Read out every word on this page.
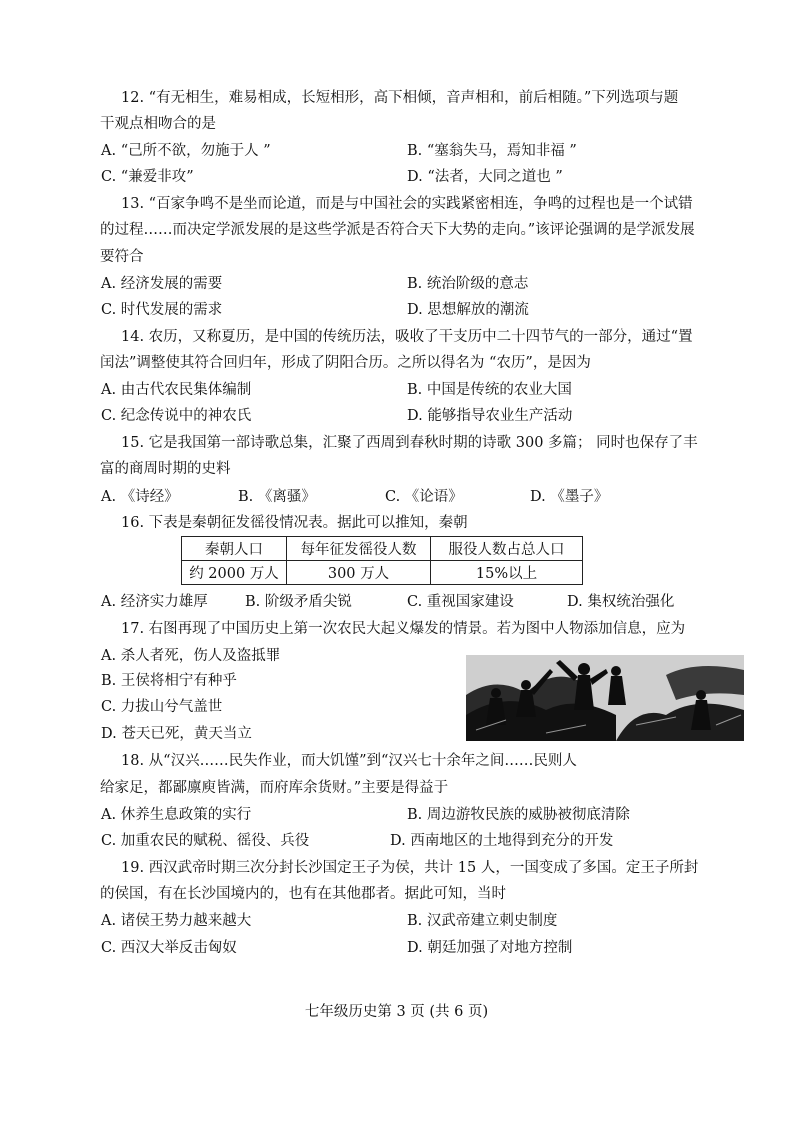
12. “有无相生，难易相成，长短相形，高下相倾，音声相和，前后相随。”下列选项与题
干观点相吻合的是
A. “己所不欲，勿施于人 ”	B. “塞翁失马，焉知非福 ”
C. “兼爱非攻”	D. “法者，大同之道也 ”
13. “百家争鸣不是坐而论道，而是与中国社会的实践紧密相连，争鸣的过程也是一个试错
的过程……而决定学派发展的是这些学派是否符合天下大势的走向。”该评论强调的是学派发展
要符合
A. 经济发展的需要	B. 统治阶级的意志
C. 时代发展的需求	D. 思想解放的潮流
14. 农历，又称夏历，是中国的传统历法，吸收了干支历中二十四节气的一部分，通过“置
闰法”调整使其符合回归年，形成了阴阳合历。之所以得名为 “农历”，是因为
A. 由古代农民集体编制	B. 中国是传统的农业大国
C. 纪念传说中的神农氏	D. 能够指导农业生产活动
15. 它是我国第一部诗歌总集，汇聚了西周到春秋时期的诗歌 300 多篇； 同时也保存了丰
富的商周时期的史料
A. 《诗经》	B. 《离骚》	C. 《论语》	D. 《墨子》
16. 下表是秦朝征发徭役情况表。据此可以推知，秦朝
秦朝人口	每年征发徭役人数	服役人数占总人口
约 2000 万人	300 万人	15%以上
A. 经济实力雄厚	B. 阶级矛盾尖锐	C. 重视国家建设	D. 集权统治强化
17. 右图再现了中国历史上第一次农民大起义爆发的情景。若为图中人物添加信息，应为
A. 杀人者死，伤人及盗抵罪
B. 王侯将相宁有种乎
C. 力拔山兮气盖世
D. 苍天已死，黄天当立
18. 从“汉兴……民失作业，而大饥馑”到“汉兴七十余年之间……民则人
给家足，都鄙廪庾皆满，而府库余货财。”主要是得益于
A. 休养生息政策的实行	B. 周边游牧民族的威胁被彻底清除
C. 加重农民的赋税、徭役、兵役	D. 西南地区的土地得到充分的开发
19. 西汉武帝时期三次分封长沙国定王子为侯，共计 15 人，一国变成了多国。定王子所封
的侯国，有在长沙国境内的，也有在其他郡者。据此可知，当时
A. 诸侯王势力越来越大	B. 汉武帝建立刺史制度
C. 西汉大举反击匈奴	D. 朝廷加强了对地方控制
七年级历史第 3 页 (共 6 页)
